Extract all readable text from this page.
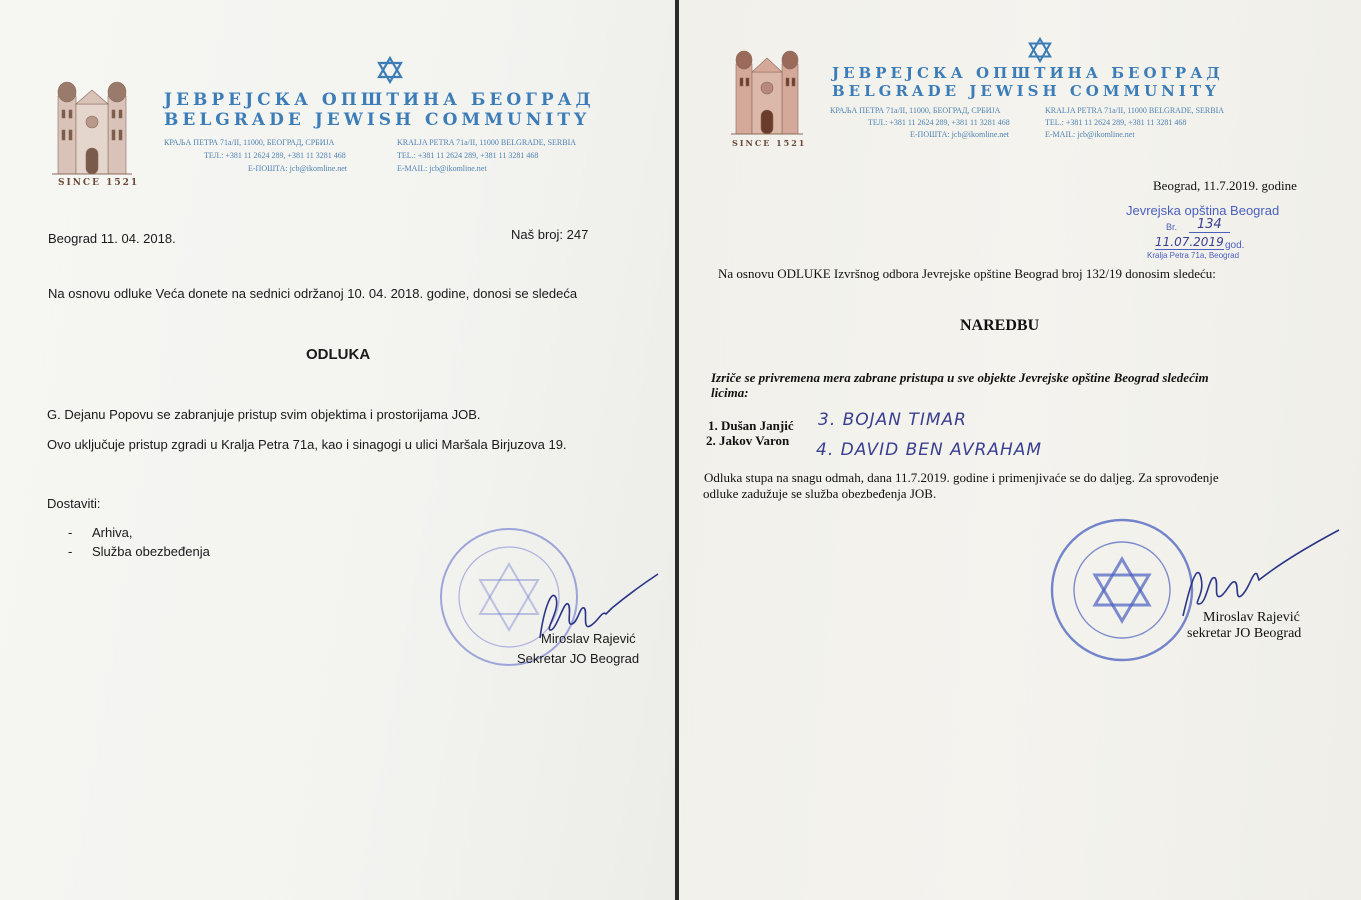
SINCE 1521
ЈЕВРЕЈСКА ОПШТИНА БЕОГРАД
BELGRADE JEWISH COMMUNITY
КРАЉА ПЕТРА 71а/II, 11000, БЕОГРАД, СРБИЈА
ТЕЛ.: +381 11 2624 289, +381 11 3281 468
Е-ПОШТА: jcb@ikomline.net
KRALJA PETRA 71a/II, 11000 BELGRADE, SERBIA
TEL.: +381 11 2624 289, +381 11 3281 468
E-MAIL: jcb@ikomline.net
Beograd 11. 04. 2018.	Naš broj: 247
Na osnovu odluke Veća donete na sednici održanoj 10. 04. 2018. godine, donosi se sledeća
ODLUKA
G. Dejanu Popovu se zabranjuje pristup svim objektima i prostorijama JOB.
Ovo uključuje pristup zgradi u Kralja Petra 71a, kao i sinagogi u ulici Maršala Birjuzova 19.
Dostaviti:
- Arhiva,
- Služba obezbeđenja
Miroslav Rajević
Sekretar JO Beograd
SINCE 1521
ЈЕВРЕЈСКА ОПШТИНА БЕОГРАД
BELGRADE JEWISH COMMUNITY
КРАЉА ПЕТРА 71а/II, 11000, БЕОГРАД, СРБИЈА
ТЕЛ.: +381 11 2624 289, +381 11 3281 468
Е-ПОШТА: jcb@ikomline.net
KRALJA PETRA 71a/II, 11000 BELGRADE, SERBIA
TEL.: +381 11 2624 289, +381 11 3281 468
E-MAIL: jcb@ikomline.net
Beograd, 11.7.2019. godine
Jevrejska opština Beograd
Br.	134
11.07.2019 god.
Kralja Petra 71a, Beograd
Na osnovu ODLUKE Izvršnog odbora Jevrejske opštine Beograd broj 132/19 donosim sledeću:
NAREDBU
Izriče se privremena mera zabrane pristupa u sve objekte Jevrejske opštine Beograd sledećim
licima:
1. Dušan Janjić
2. Jakov Varon
3. BOJAN TIMAR
4. DAVID BEN AVRAHAM
Odluka stupa na snagu odmah, dana 11.7.2019. godine i primenjivaće se do daljeg. Za sprovođenje
odluke zadužuje se služba obezbeđenja JOB.
Miroslav Rajević
sekretar JO Beograd
